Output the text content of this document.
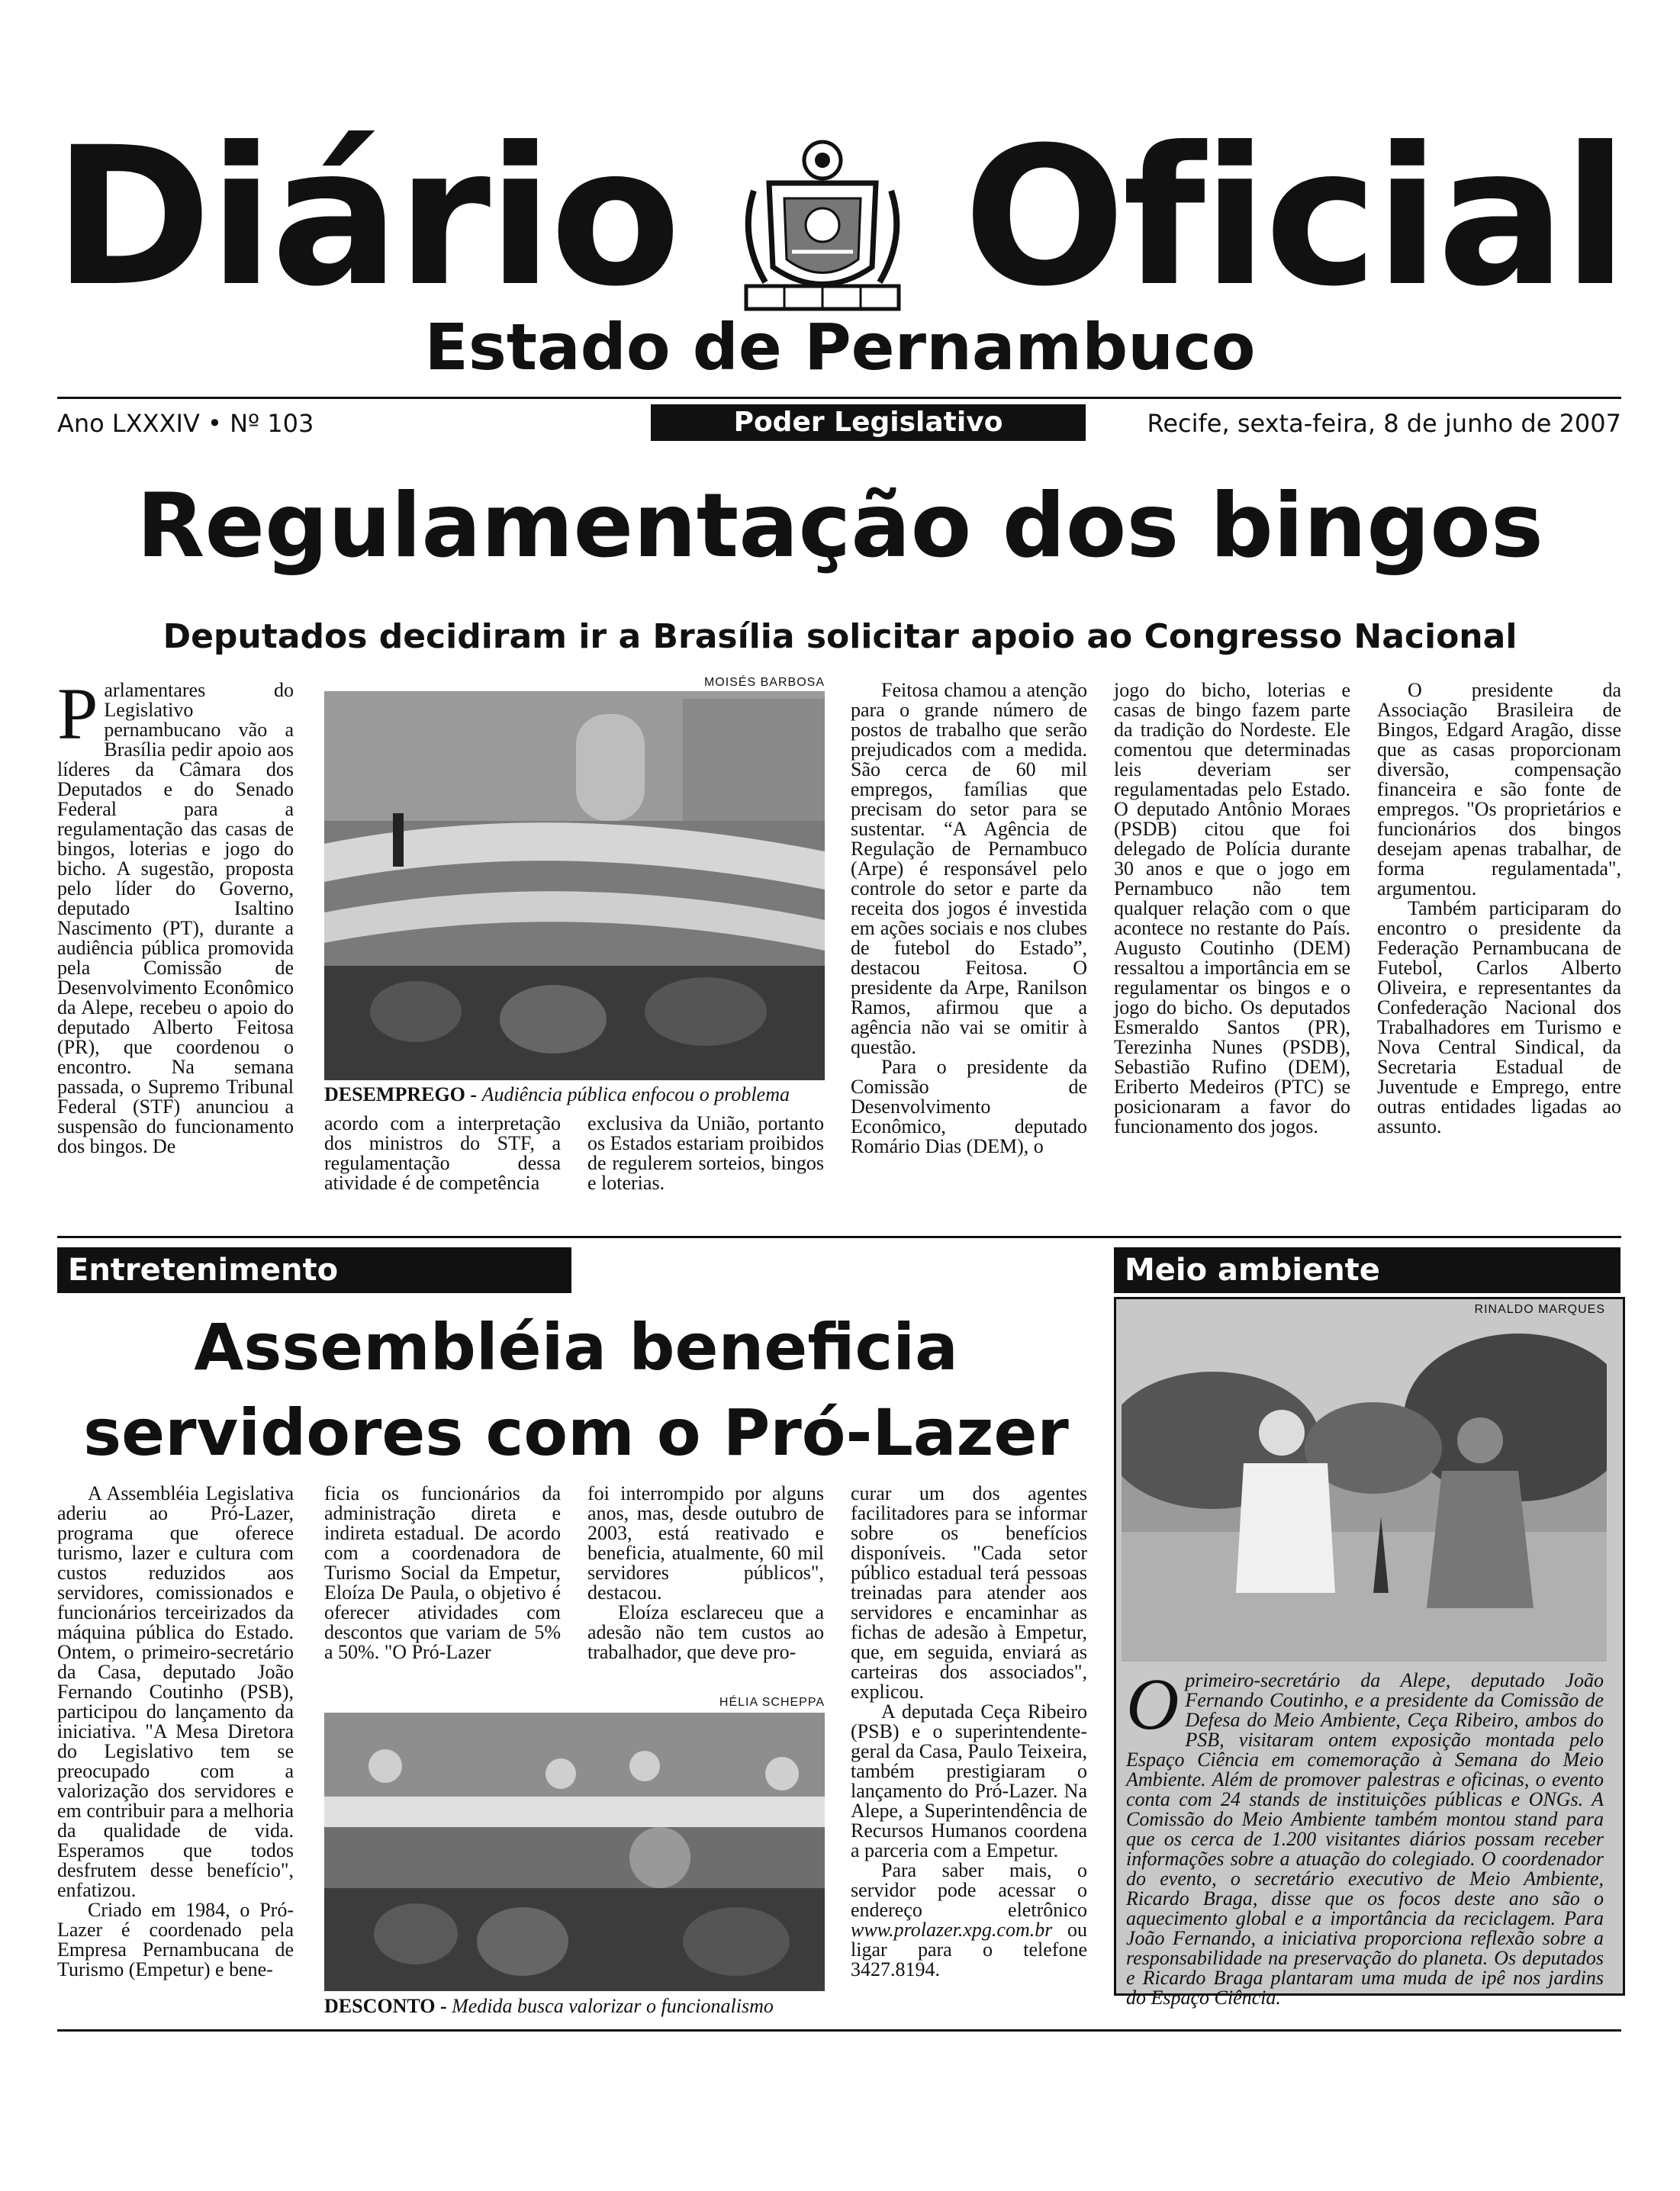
Diário Oficial
Estado de Pernambuco
Ano LXXXIV • Nº 103	Poder Legislativo	Recife, sexta-feira, 8 de junho de 2007
Regulamentação dos bingos
Deputados decidiram ir a Brasília solicitar apoio ao Congresso Nacional

Parlamentares do Legislativo pernambucano vão a Brasília pedir apoio aos líderes da Câmara dos Deputados e do Senado Federal para a regulamentação das casas de bingos, loterias e jogo do bicho. A sugestão, proposta pelo líder do Governo, deputado Isaltino Nascimento (PT), durante a audiência pública promovida pela Comissão de Desenvolvimento Econômico da Alepe, recebeu o apoio do deputado Alberto Feitosa (PR), que coordenou o encontro. Na semana passada, o Supremo Tribunal Federal (STF) anunciou a suspensão do funcionamento dos bingos. De

MOISÉS BARBOSA
DESEMPREGO - Audiência pública enfocou o problema

acordo com a interpretação dos ministros do STF, a regulamentação dessa atividade é de competência

exclusiva da União, portanto os Estados estariam proibidos de regulerem sorteios, bingos e loterias.

Feitosa chamou a atenção para o grande número de postos de trabalho que serão prejudicados com a medida. São cerca de 60 mil empregos, famílias que precisam do setor para se sustentar. “A Agência de Regulação de Pernambuco (Arpe) é responsável pelo controle do setor e parte da receita dos jogos é investida em ações sociais e nos clubes de futebol do Estado”, destacou Feitosa. O presidente da Arpe, Ranilson Ramos, afirmou que a agência não vai se omitir à questão.

Para o presidente da Comissão de Desenvolvimento Econômico, deputado Romário Dias (DEM), o

jogo do bicho, loterias e casas de bingo fazem parte da tradição do Nordeste. Ele comentou que determinadas leis deveriam ser regulamentadas pelo Estado. O deputado Antônio Moraes (PSDB) citou que foi delegado de Polícia durante 30 anos e que o jogo em Pernambuco não tem qualquer relação com o que acontece no restante do País. Augusto Coutinho (DEM) ressaltou a importância em se regulamentar os bingos e o jogo do bicho. Os deputados Esmeraldo Santos (PR), Terezinha Nunes (PSDB), Sebastião Rufino (DEM), Eriberto Medeiros (PTC) se posicionaram a favor do funcionamento dos jogos.

O presidente da Associação Brasileira de Bingos, Edgard Aragão, disse que as casas proporcionam diversão, compensação financeira e são fonte de empregos. "Os proprietários e funcionários dos bingos desejam apenas trabalhar, de forma regulamentada", argumentou.

Também participaram do encontro o presidente da Federação Pernambucana de Futebol, Carlos Alberto Oliveira, e representantes da Confederação Nacional dos Trabalhadores em Turismo e Nova Central Sindical, da Secretaria Estadual de Juventude e Emprego, entre outras entidades ligadas ao assunto.

Entretenimento
Assembléia beneficia
servidores com o Pró-Lazer

A Assembléia Legislativa aderiu ao Pró-Lazer, programa que oferece turismo, lazer e cultura com custos reduzidos aos servidores, comissionados e funcionários terceirizados da máquina pública do Estado. Ontem, o primeiro-secretário da Casa, deputado João Fernando Coutinho (PSB), participou do lançamento da iniciativa. "A Mesa Diretora do Legislativo tem se preocupado com a valorização dos servidores e em contribuir para a melhoria da qualidade de vida. Esperamos que todos desfrutem desse benefício", enfatizou.

Criado em 1984, o Pró-Lazer é coordenado pela Empresa Pernambucana de Turismo (Empetur) e bene-

ficia os funcionários da administração direta e indireta estadual. De acordo com a coordenadora de Turismo Social da Empetur, Eloíza De Paula, o objetivo é oferecer atividades com descontos que variam de 5% a 50%. "O Pró-Lazer

foi interrompido por alguns anos, mas, desde outubro de 2003, está reativado e beneficia, atualmente, 60 mil servidores públicos", destacou.

Eloíza esclareceu que a adesão não tem custos ao trabalhador, que deve pro-

HÉLIA SCHEPPA
DESCONTO - Medida busca valorizar o funcionalismo

curar um dos agentes facilitadores para se informar sobre os benefícios disponíveis. "Cada setor público estadual terá pessoas treinadas para atender aos servidores e encaminhar as fichas de adesão à Empetur, que, em seguida, enviará as carteiras dos associados", explicou.

A deputada Ceça Ribeiro (PSB) e o superintendente-geral da Casa, Paulo Teixeira, também prestigiaram o lançamento do Pró-Lazer. Na Alepe, a Superintendência de Recursos Humanos coordena a parceria com a Empetur.

Para saber mais, o servidor pode acessar o endereço eletrônico www.prolazer.xpg.com.br ou ligar para o telefone 3427.8194.

Meio ambiente
RINALDO MARQUES
Oprimeiro-secretário da Alepe, deputado João Fernando Coutinho, e a presidente da Comissão de Defesa do Meio Ambiente, Ceça Ribeiro, ambos do PSB, visitaram ontem exposição montada pelo Espaço Ciência em comemoração à Semana do Meio Ambiente. Além de promover palestras e oficinas, o evento conta com 24 stands de instituições públicas e ONGs. A Comissão do Meio Ambiente também montou stand para que os cerca de 1.200 visitantes diários possam receber informações sobre a atuação do colegiado. O coordenador do evento, o secretário executivo de Meio Ambiente, Ricardo Braga, disse que os focos deste ano são o aquecimento global e a importância da reciclagem. Para João Fernando, a iniciativa proporciona reflexão sobre a responsabilidade na preservação do planeta. Os deputados e Ricardo Braga plantaram uma muda de ipê nos jardins do Espaço Ciência.
